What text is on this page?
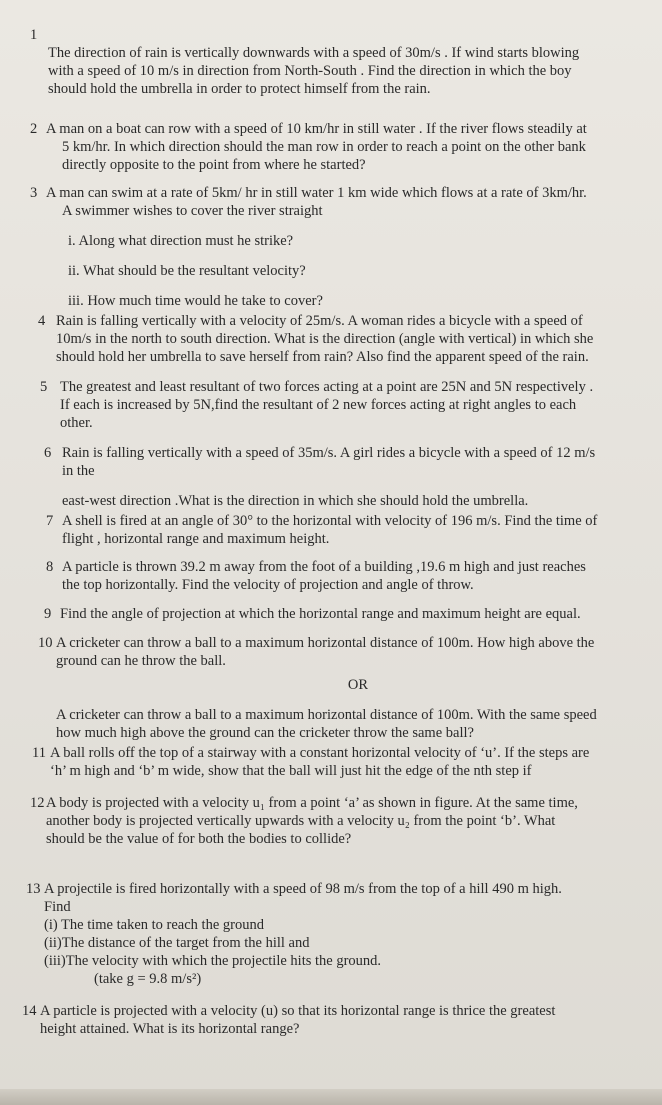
1

The direction of rain is vertically downwards with a speed of 30m/s . If wind starts blowing

with a speed of 10 m/s in direction from North-South . Find the direction in which the boy

should hold the umbrella in order to protect himself from the rain.

2 A man on a boat can row with a speed of 10 km/hr in still water . If the river flows steadily at

5 km/hr. In which direction should the man row in order to reach a point on the other bank

directly opposite to the point from where he started?

3 A man can swim at a rate of 5km/ hr in still water 1 km wide which flows at a rate of 3km/hr.

A swimmer wishes to cover the river straight

i. Along what direction must he strike?

ii. What should be the resultant velocity?

iii. How much time would he take to cover?

4 Rain is falling vertically with a velocity of 25m/s. A woman rides a bicycle with a speed of

10m/s in the north to south direction. What is the direction (angle with vertical) in which she

should hold her umbrella to save herself from rain? Also find the apparent speed of the rain.

5 The greatest and least resultant of two forces acting at a point are 25N and 5N respectively .

If each is increased by 5N,find the resultant of 2 new forces acting at right angles to each

other.

6 Rain is falling vertically with a speed of 35m/s. A girl rides a bicycle with a speed of 12 m/s

in the

east-west direction .What is the direction in which she should hold the umbrella.

7 A shell is fired at an angle of 30° to the horizontal with velocity of 196 m/s. Find the time of

flight , horizontal range and maximum height.

8 A particle is thrown 39.2 m away from the foot of a building ,19.6 m high and just reaches

the top horizontally. Find the velocity of projection and angle of throw.

9 Find the angle of projection at which the horizontal range and maximum height are equal.

10 A cricketer can throw a ball to a maximum horizontal distance of 100m. How high above the

ground can he throw the ball.

OR

A cricketer can throw a ball to a maximum horizontal distance of 100m. With the same speed

how much high above the ground can the cricketer throw the same ball?

11 A ball rolls off the top of a stairway with a constant horizontal velocity of ‘u’. If the steps are

‘h’ m high and ‘b’ m wide, show that the ball will just hit the edge of the nth step if

12 A body is projected with a velocity u₁ from a point ‘a’ as shown in figure. At the same time,

another body is projected vertically upwards with a velocity u₂ from the point ‘b’. What

should be the value of for both the bodies to collide?

13 A projectile is fired horizontally with a speed of 98 m/s from the top of a hill 490 m high.

Find

(i) The time taken to reach the ground

(ii)The distance of the target from the hill and

(iii)The velocity with which the projectile hits the ground.

(take g = 9.8 m/s²)

14 A particle is projected with a velocity (u) so that its horizontal range is thrice the greatest

height attained. What is its horizontal range?
